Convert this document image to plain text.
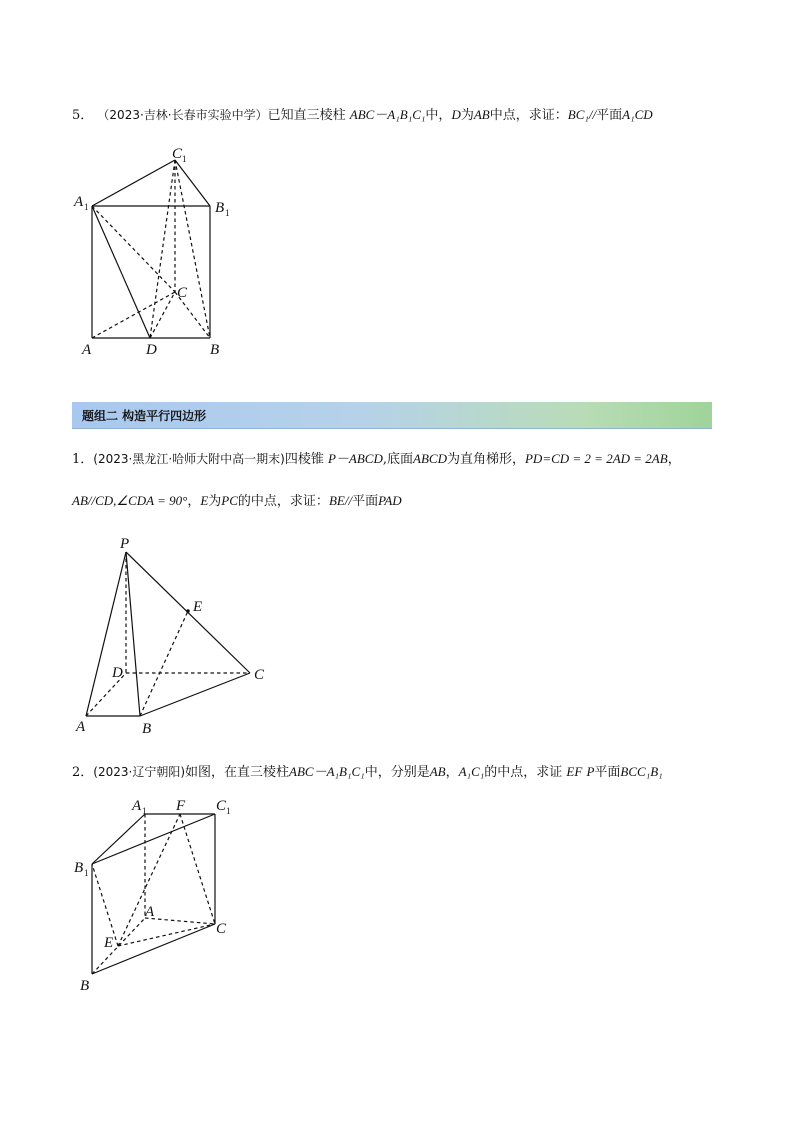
5． （2023·吉林·长春市实验中学）已知直三棱柱 ABC－A₁B₁C₁中，D为AB中点，求证：BC₁//平面A₁CD
C 1
A 1	B 1
C
A	D	B
题组二 构造平行四边形
1．(2023·黑龙江·哈师大附中高一期末)四棱锥 P－ABCD,底面ABCD为直角梯形，PD=CD = 2 = 2AD = 2AB，
AB//CD,∠CDA = 90°，E为PC的中点，求证：BE//平面PAD
P
E
D	C
A	B
2．(2023·辽宁朝阳)如图，在直三棱柱ABC－A₁B₁C₁中，分别是AB，A₁C₁的中点，求证 EF P平面BCC₁B₁
A 1 F C 1
B 1
A
C
E
B
